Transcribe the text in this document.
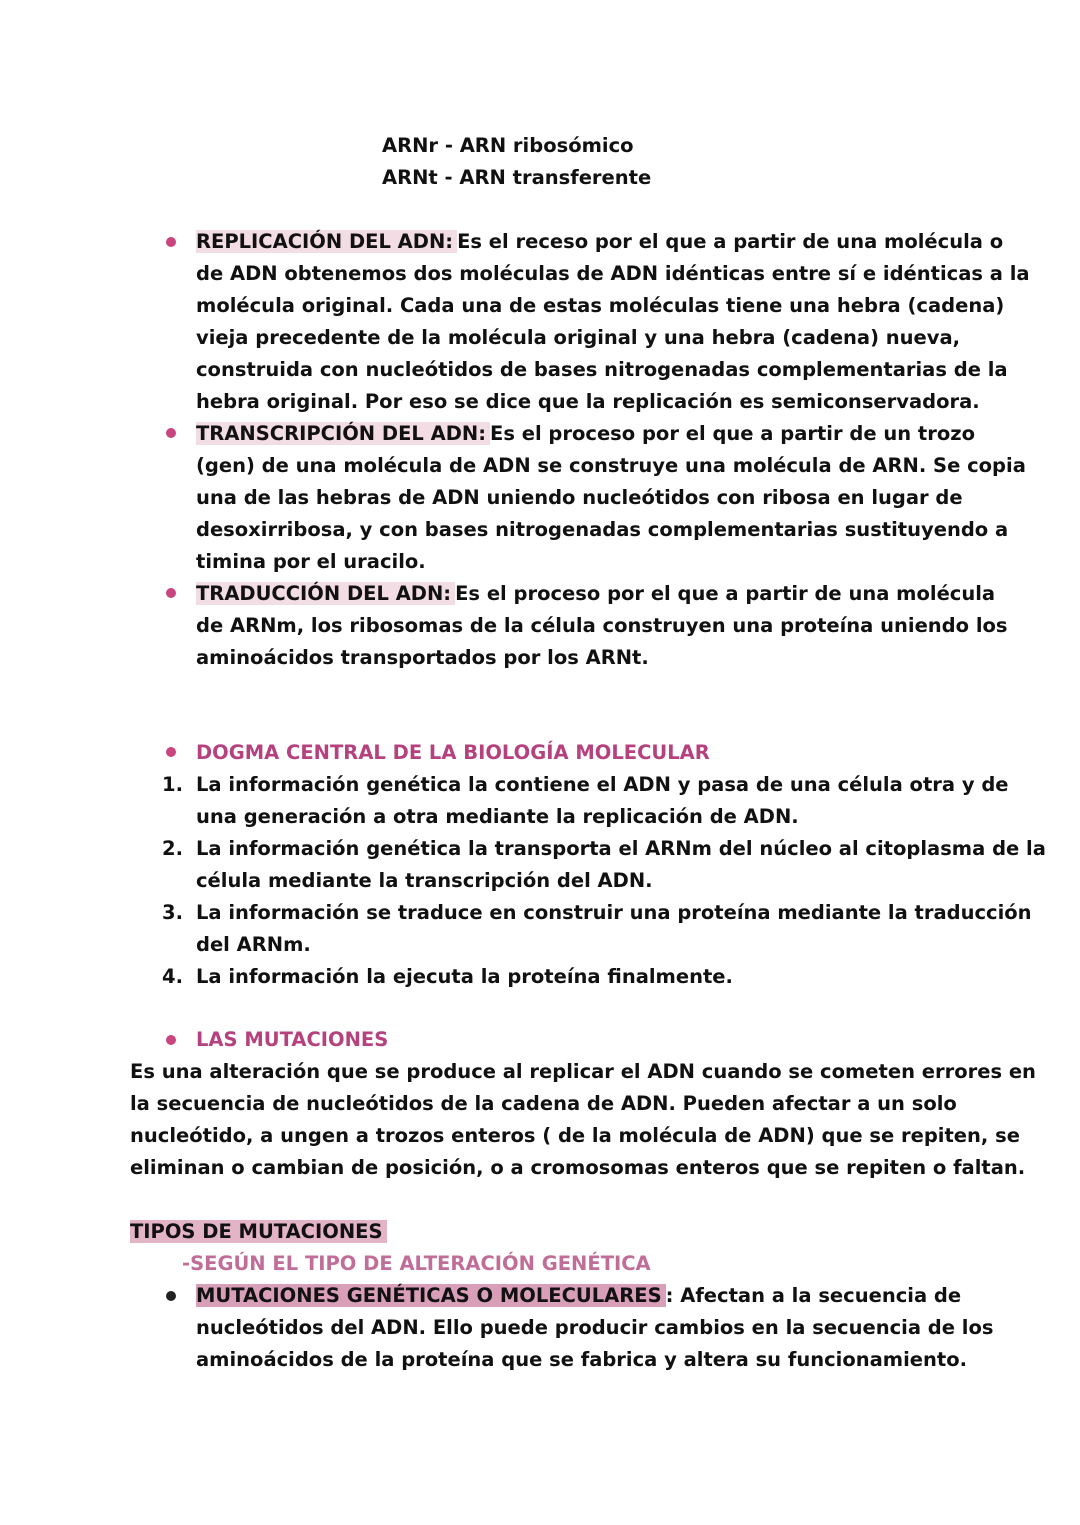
ARNr - ARN ribosómico
ARNt - ARN transferente
REPLICACIÓN DEL ADN: Es el receso por el que a partir de una molécula o
de ADN obtenemos dos moléculas de ADN idénticas entre sí e idénticas a la
molécula original. Cada una de estas moléculas tiene una hebra (cadena)
vieja precedente de la molécula original y una hebra (cadena) nueva,
construida con nucleótidos de bases nitrogenadas complementarias de la
hebra original. Por eso se dice que la replicación es semiconservadora.
TRANSCRIPCIÓN DEL ADN: Es el proceso por el que a partir de un trozo
(gen) de una molécula de ADN se construye una molécula de ARN. Se copia
una de las hebras de ADN uniendo nucleótidos con ribosa en lugar de
desoxirribosa, y con bases nitrogenadas complementarias sustituyendo a
timina por el uracilo.
TRADUCCIÓN DEL ADN: Es el proceso por el que a partir de una molécula
de ARNm, los ribosomas de la célula construyen una proteína uniendo los
aminoácidos transportados por los ARNt.
DOGMA CENTRAL DE LA BIOLOGÍA MOLECULAR
1. La información genética la contiene el ADN y pasa de una célula otra y de
una generación a otra mediante la replicación de ADN.
2. La información genética la transporta el ARNm del núcleo al citoplasma de la
célula mediante la transcripción del ADN.
3. La información se traduce en construir una proteína mediante la traducción
del ARNm.
4. La información la ejecuta la proteína finalmente.
LAS MUTACIONES
Es una alteración que se produce al replicar el ADN cuando se cometen errores en
la secuencia de nucleótidos de la cadena de ADN. Pueden afectar a un solo
nucleótido, a ungen a trozos enteros ( de la molécula de ADN) que se repiten, se
eliminan o cambian de posición, o a cromosomas enteros que se repiten o faltan.
TIPOS DE MUTACIONES
-SEGÚN EL TIPO DE ALTERACIÓN GENÉTICA
MUTACIONES GENÉTICAS O MOLECULARES : Afectan a la secuencia de
nucleótidos del ADN. Ello puede producir cambios en la secuencia de los
aminoácidos de la proteína que se fabrica y altera su funcionamiento.
